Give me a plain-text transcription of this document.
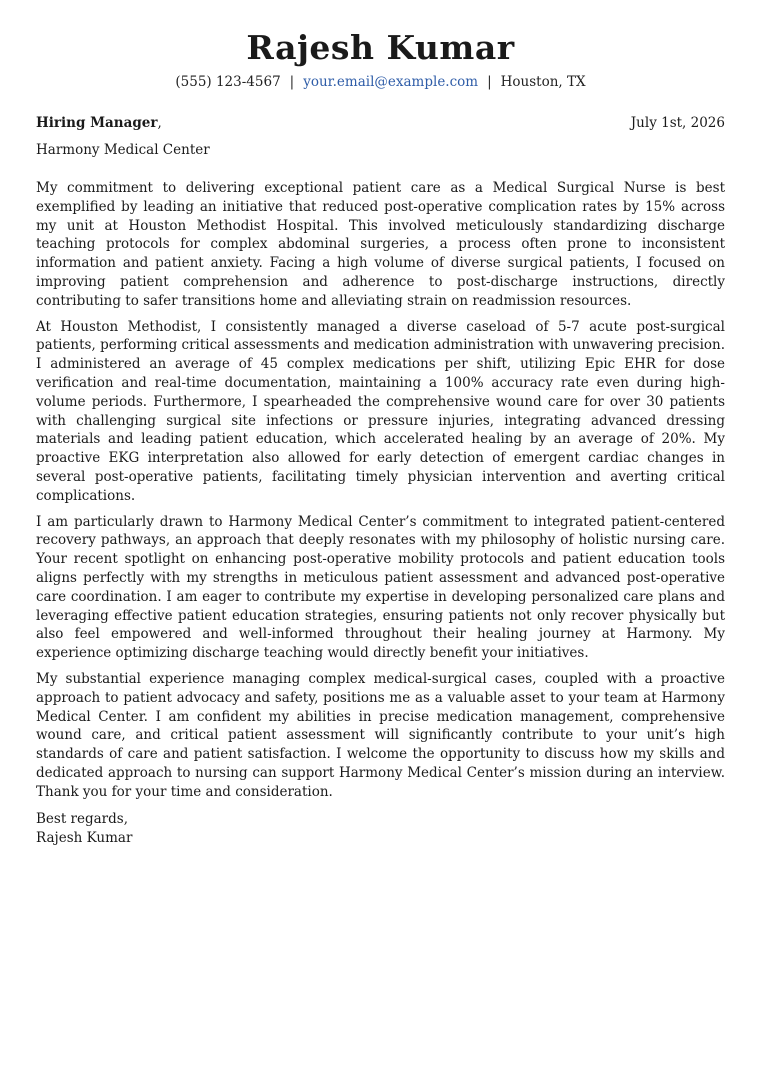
Rajesh Kumar
(555) 123-4567 | your.email@example.com | Houston, TX
Hiring Manager,	July 1st, 2026
Harmony Medical Center

My commitment to delivering exceptional patient care as a Medical Surgical Nurse is best exemplified by leading an initiative that reduced post-operative complication rates by 15% across my unit at Houston Methodist Hospital. This involved meticulously standardizing discharge teaching protocols for complex abdominal surgeries, a process often prone to inconsistent information and patient anxiety. Facing a high volume of diverse surgical patients, I focused on improving patient comprehension and adherence to post-discharge instructions, directly contributing to safer transitions home and alleviating strain on readmission resources.

At Houston Methodist, I consistently managed a diverse caseload of 5-7 acute post-surgical patients, performing critical assessments and medication administration with unwavering precision. I administered an average of 45 complex medications per shift, utilizing Epic EHR for dose verification and real-time documentation, maintaining a 100% accuracy rate even during high-volume periods. Furthermore, I spearheaded the comprehensive wound care for over 30 patients with challenging surgical site infections or pressure injuries, integrating advanced dressing materials and leading patient education, which accelerated healing by an average of 20%. My proactive EKG interpretation also allowed for early detection of emergent cardiac changes in several post-operative patients, facilitating timely physician intervention and averting critical complications.

I am particularly drawn to Harmony Medical Center’s commitment to integrated patient-centered recovery pathways, an approach that deeply resonates with my philosophy of holistic nursing care. Your recent spotlight on enhancing post-operative mobility protocols and patient education tools aligns perfectly with my strengths in meticulous patient assessment and advanced post-operative care coordination. I am eager to contribute my expertise in developing personalized care plans and leveraging effective patient education strategies, ensuring patients not only recover physically but also feel empowered and well-informed throughout their healing journey at Harmony. My experience optimizing discharge teaching would directly benefit your initiatives.

My substantial experience managing complex medical-surgical cases, coupled with a proactive approach to patient advocacy and safety, positions me as a valuable asset to your team at Harmony Medical Center. I am confident my abilities in precise medication management, comprehensive wound care, and critical patient assessment will significantly contribute to your unit’s high standards of care and patient satisfaction. I welcome the opportunity to discuss how my skills and dedicated approach to nursing can support Harmony Medical Center’s mission during an interview. Thank you for your time and consideration.

Best regards,
Rajesh Kumar
